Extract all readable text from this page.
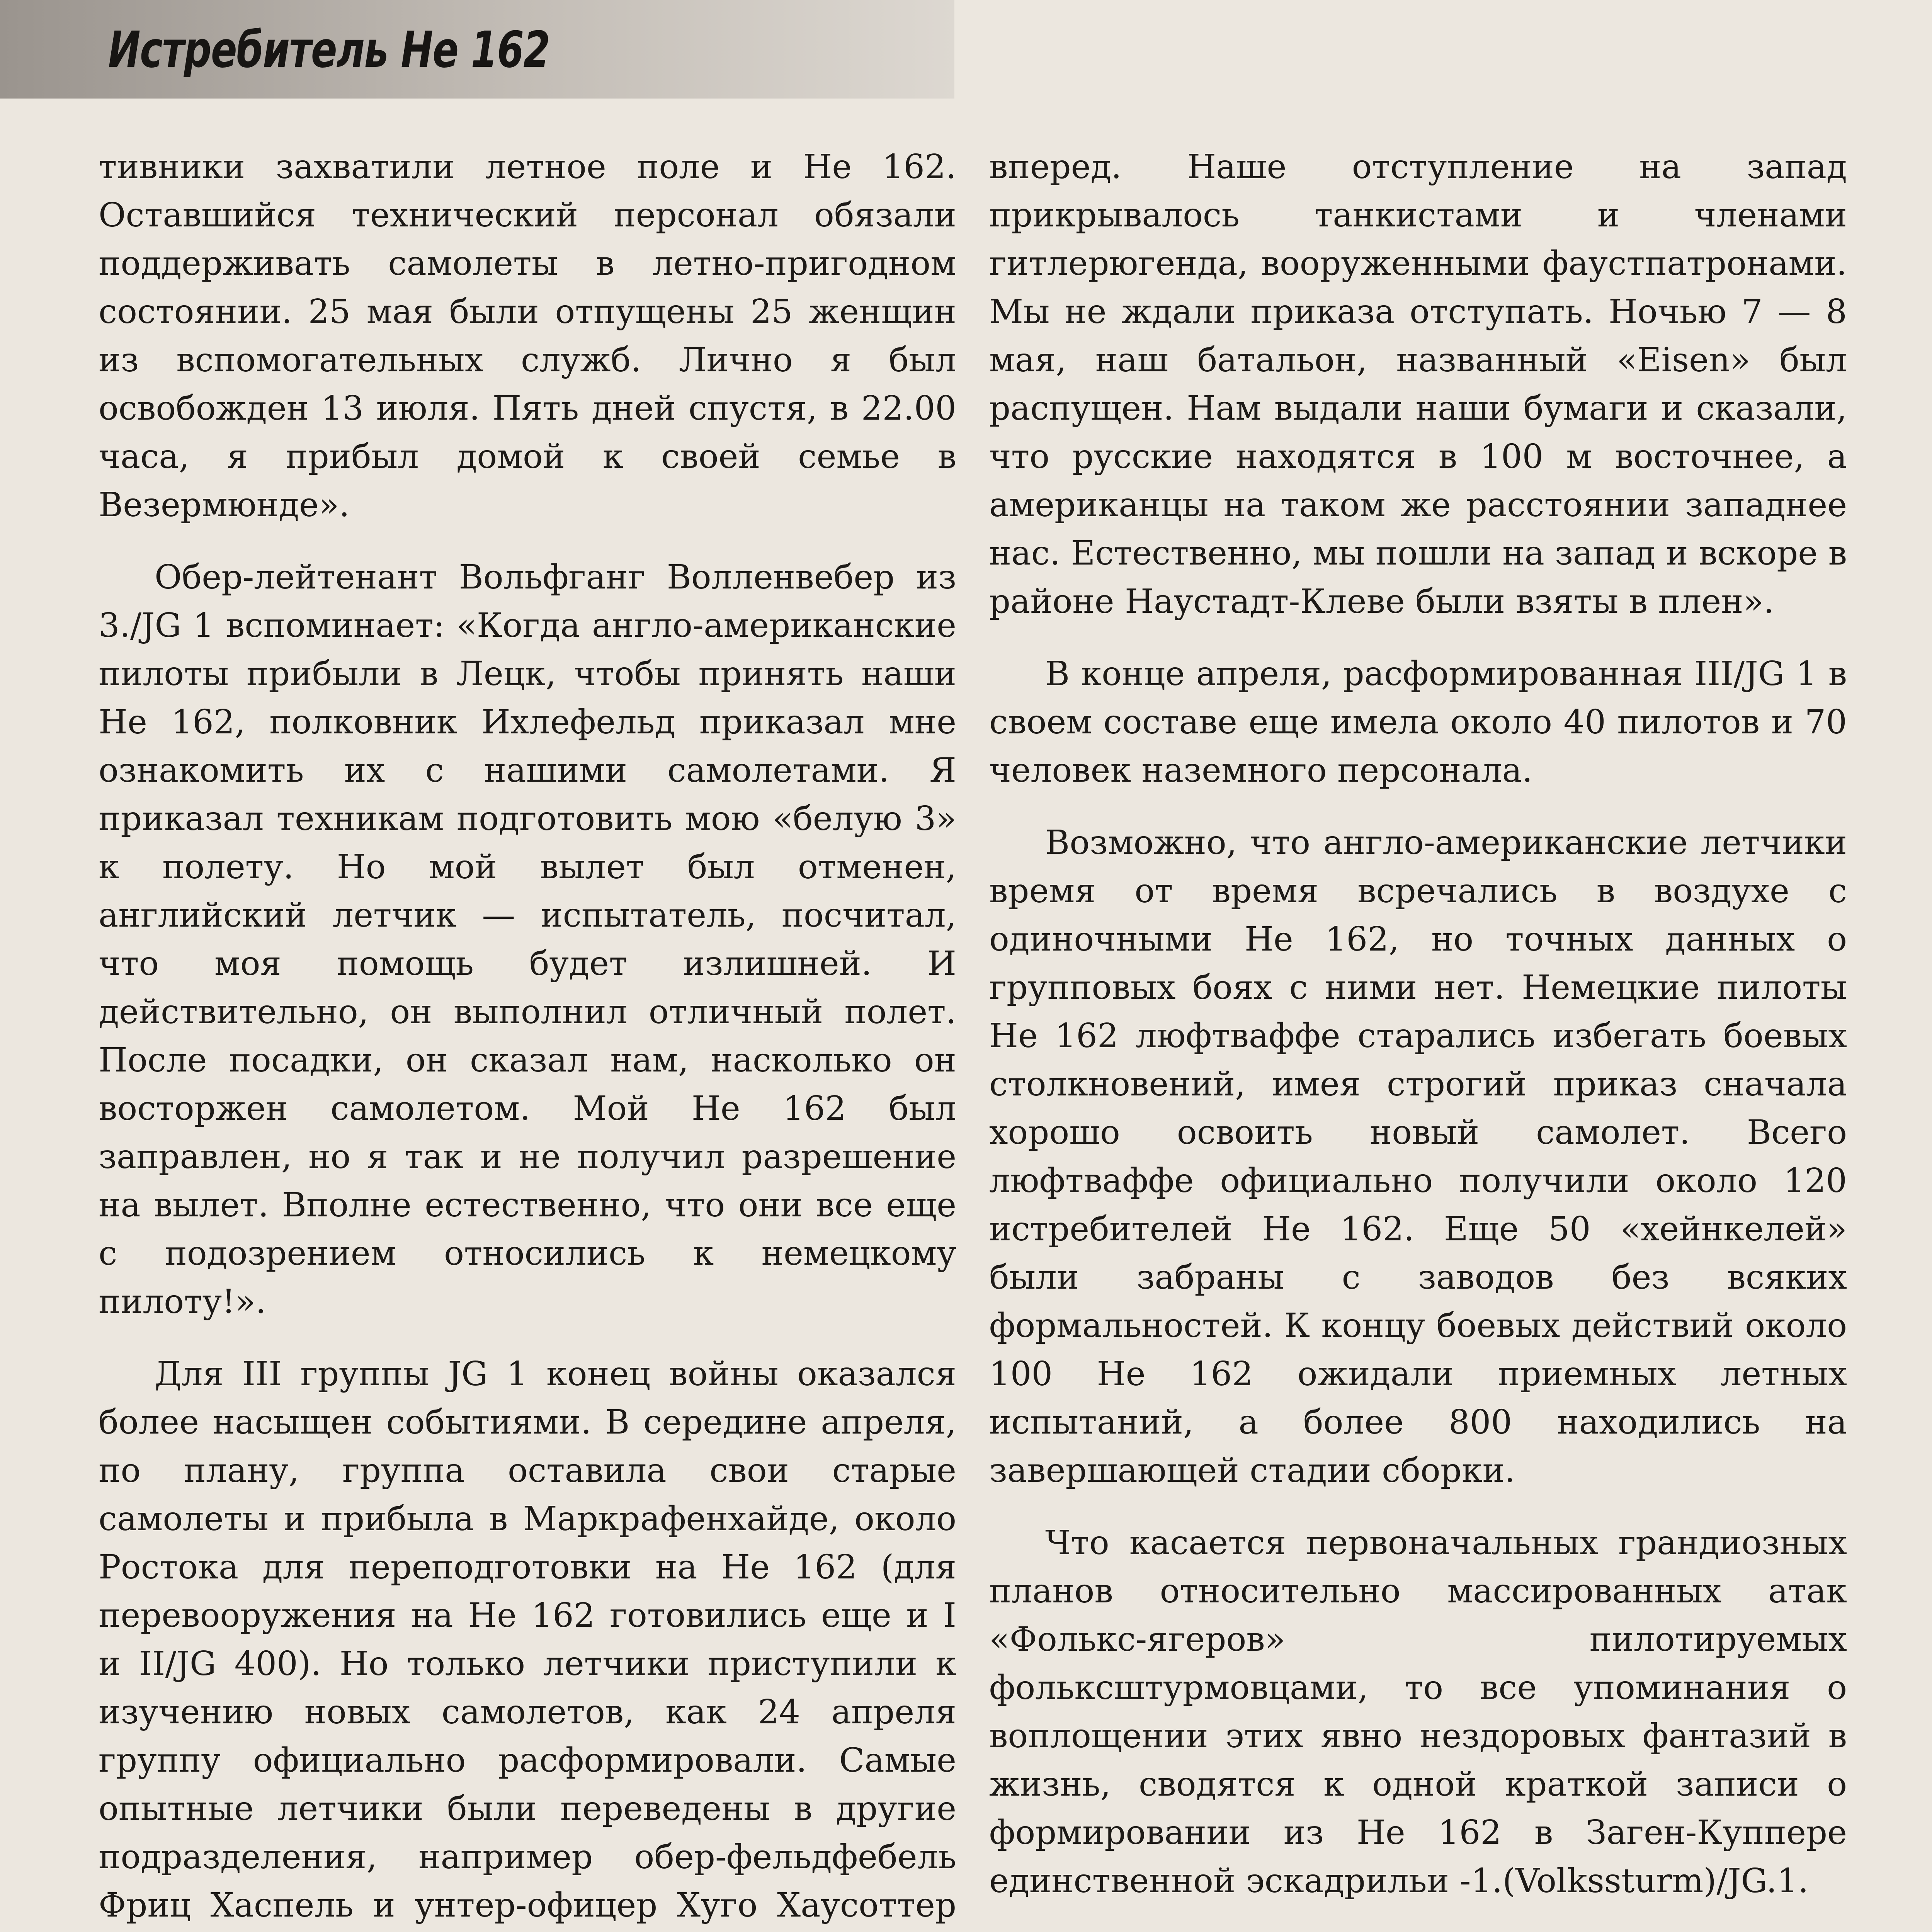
Истребитель Не 162

тивники захватили летное поле и Не 162. Оставшийся технический персонал обязали поддерживать самолеты в летно-пригодном состоянии. 25 мая были отпущены 25 женщин из вспомогательных служб. Лично я был освобожден 13 июля. Пять дней спустя, в 22.00 часа, я прибыл домой к своей семье в Везермюнде».

Обер-лейтенант Вольфганг Волленвебер из 3./JG 1 вспоминает: «Когда англо-американские пилоты прибыли в Лецк, чтобы принять наши Не 162, полковник Ихлефельд приказал мне ознакомить их с нашими самолетами. Я приказал техникам подготовить мою «белую 3» к полету. Но мой вылет был отменен, английский летчик — испытатель, посчитал, что моя помощь будет излишней. И действительно, он выполнил отличный полет. После посадки, он сказал нам, насколько он восторжен самолетом. Мой Не 162 был заправлен, но я так и не получил разрешение на вылет. Вполне естественно, что они все еще с подозрением относились к немецкому пилоту!».

Для III группы JG 1 конец войны оказался более насыщен событиями. В середине апреля, по плану, группа оставила свои старые самолеты и прибыла в Маркрафенхайде, около Ростока для переподготовки на Не 162 (для перевооружения на Не 162 готовились еще и I и II/JG 400). Но только летчики приступили к изучению новых самолетов, как 24 апреля группу официально расформировали. Самые опытные летчики были переведены в другие подразделения, например обер-фельдфебель Фриц Хаспель и унтер-офицер Хуго Хаусоттер

вперед. Наше отступление на запад прикрывалось танкистами и членами гитлерюгенда, вооруженными фаустпатронами. Мы не ждали приказа отступать. Ночью 7 — 8 мая, наш батальон, названный «Eisen» был распущен. Нам выдали наши бумаги и сказали, что русские находятся в 100 м восточнее, а американцы на таком же расстоянии западнее нас. Естественно, мы пошли на запад и вскоре в районе Наустадт-Клеве были взяты в плен».

В конце апреля, расформированная III/JG 1 в своем составе еще имела около 40 пилотов и 70 человек наземного персонала.

Возможно, что англо-американские летчики время от время всречались в воздухе с одиночными Не 162, но точных данных о групповых боях с ними нет. Немецкие пилоты Не 162 люфтваффе старались избегать боевых столкновений, имея строгий приказ сначала хорошо освоить новый самолет. Всего люфтваффе официально получили около 120 истребителей Не 162. Еще 50 «хейнкелей» были забраны с заводов без всяких формальностей. К концу боевых действий около 100 Не 162 ожидали приемных летных испытаний, а более 800 находились на завершающей стадии сборки.

Что касается первоначальных грандиозных планов относительно массированных атак «Фолькс-ягеров» пилотируемых фольксштурмовцами, то все упоминания о воплощении этих явно нездоровых фантазий в жизнь, сводятся к одной краткой записи о формировании из Не 162 в Заген-Куппере единственной эскадрильи -1.(Volkssturm)/JG.1.
